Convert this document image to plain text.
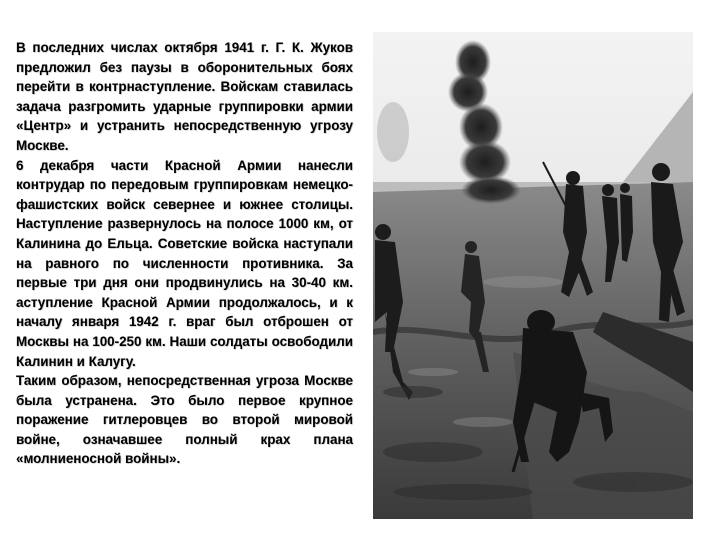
В последних числах октября 1941 г. Г. К. Жуков предложил без паузы в оборонительных боях перейти в контрнаступление. Войскам ставилась задача разгромить ударные группировки армии «Центр» и устранить непосредственную угрозу Москве.

6 декабря части Красной Армии нанесли контрудар по передовым группировкам немецко-фашистских войск севернее и южнее столицы. Наступление развернулось на полосе 1000 км, от Калинина до Ельца. Советские войска наступали на равного по численности противника. За первые три дня они продвинулись на 30-40 км. аступление Красной Армии продолжалось, и к началу января 1942 г. враг был отброшен от Москвы на 100-250 км. Наши солдаты освободили Калинин и Калугу.

Таким образом, непосредственная угроза Москве была устранена. Это было первое крупное поражение гитлеровцев во второй мировой войне, означавшее полный крах плана «молниеносной войны».
